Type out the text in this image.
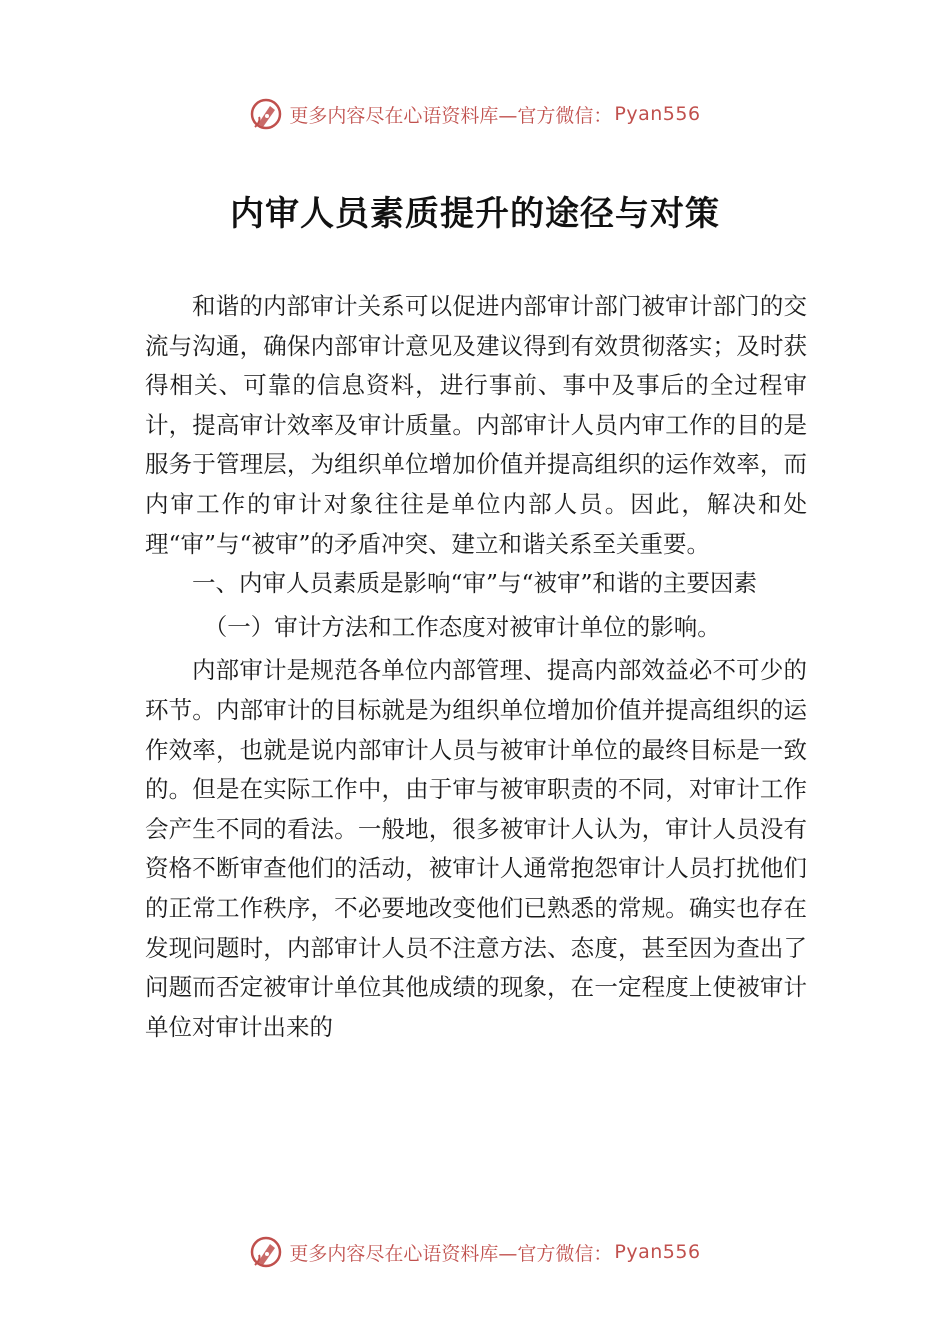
更多内容尽在心语资料库—官方微信： Pyan556
内审人员素质提升的途径与对策

和谐的内部审计关系可以促进内部审计部门被审计部门的交流与沟通，确保内部审计意见及建议得到有效贯彻落实；及时获得相关、可靠的信息资料，进行事前、事中及事后的全过程审计，提高审计效率及审计质量。内部审计人员内审工作的目的是服务于管理层，为组织单位增加价值并提高组织的运作效率，而内审工作的审计对象往往是单位内部人员。因此，解决和处理“审”与“被审”的矛盾冲突、建立和谐关系至关重要。

一、内审人员素质是影响“审”与“被审”和谐的主要因素

（一）审计方法和工作态度对被审计单位的影响。

内部审计是规范各单位内部管理、提高内部效益必不可少的环节。内部审计的目标就是为组织单位增加价值并提高组织的运作效率，也就是说内部审计人员与被审计单位的最终目标是一致的。但是在实际工作中，由于审与被审职责的不同，对审计工作会产生不同的看法。一般地，很多被审计人认为，审计人员没有资格不断审查他们的活动，被审计人通常抱怨审计人员打扰他们的正常工作秩序，不必要地改变他们已熟悉的常规。确实也存在发现问题时，内部审计人员不注意方法、态度，甚至因为查出了问题而否定被审计单位其他成绩的现象，在一定程度上使被审计单位对审计出来的

更多内容尽在心语资料库—官方微信： Pyan556
